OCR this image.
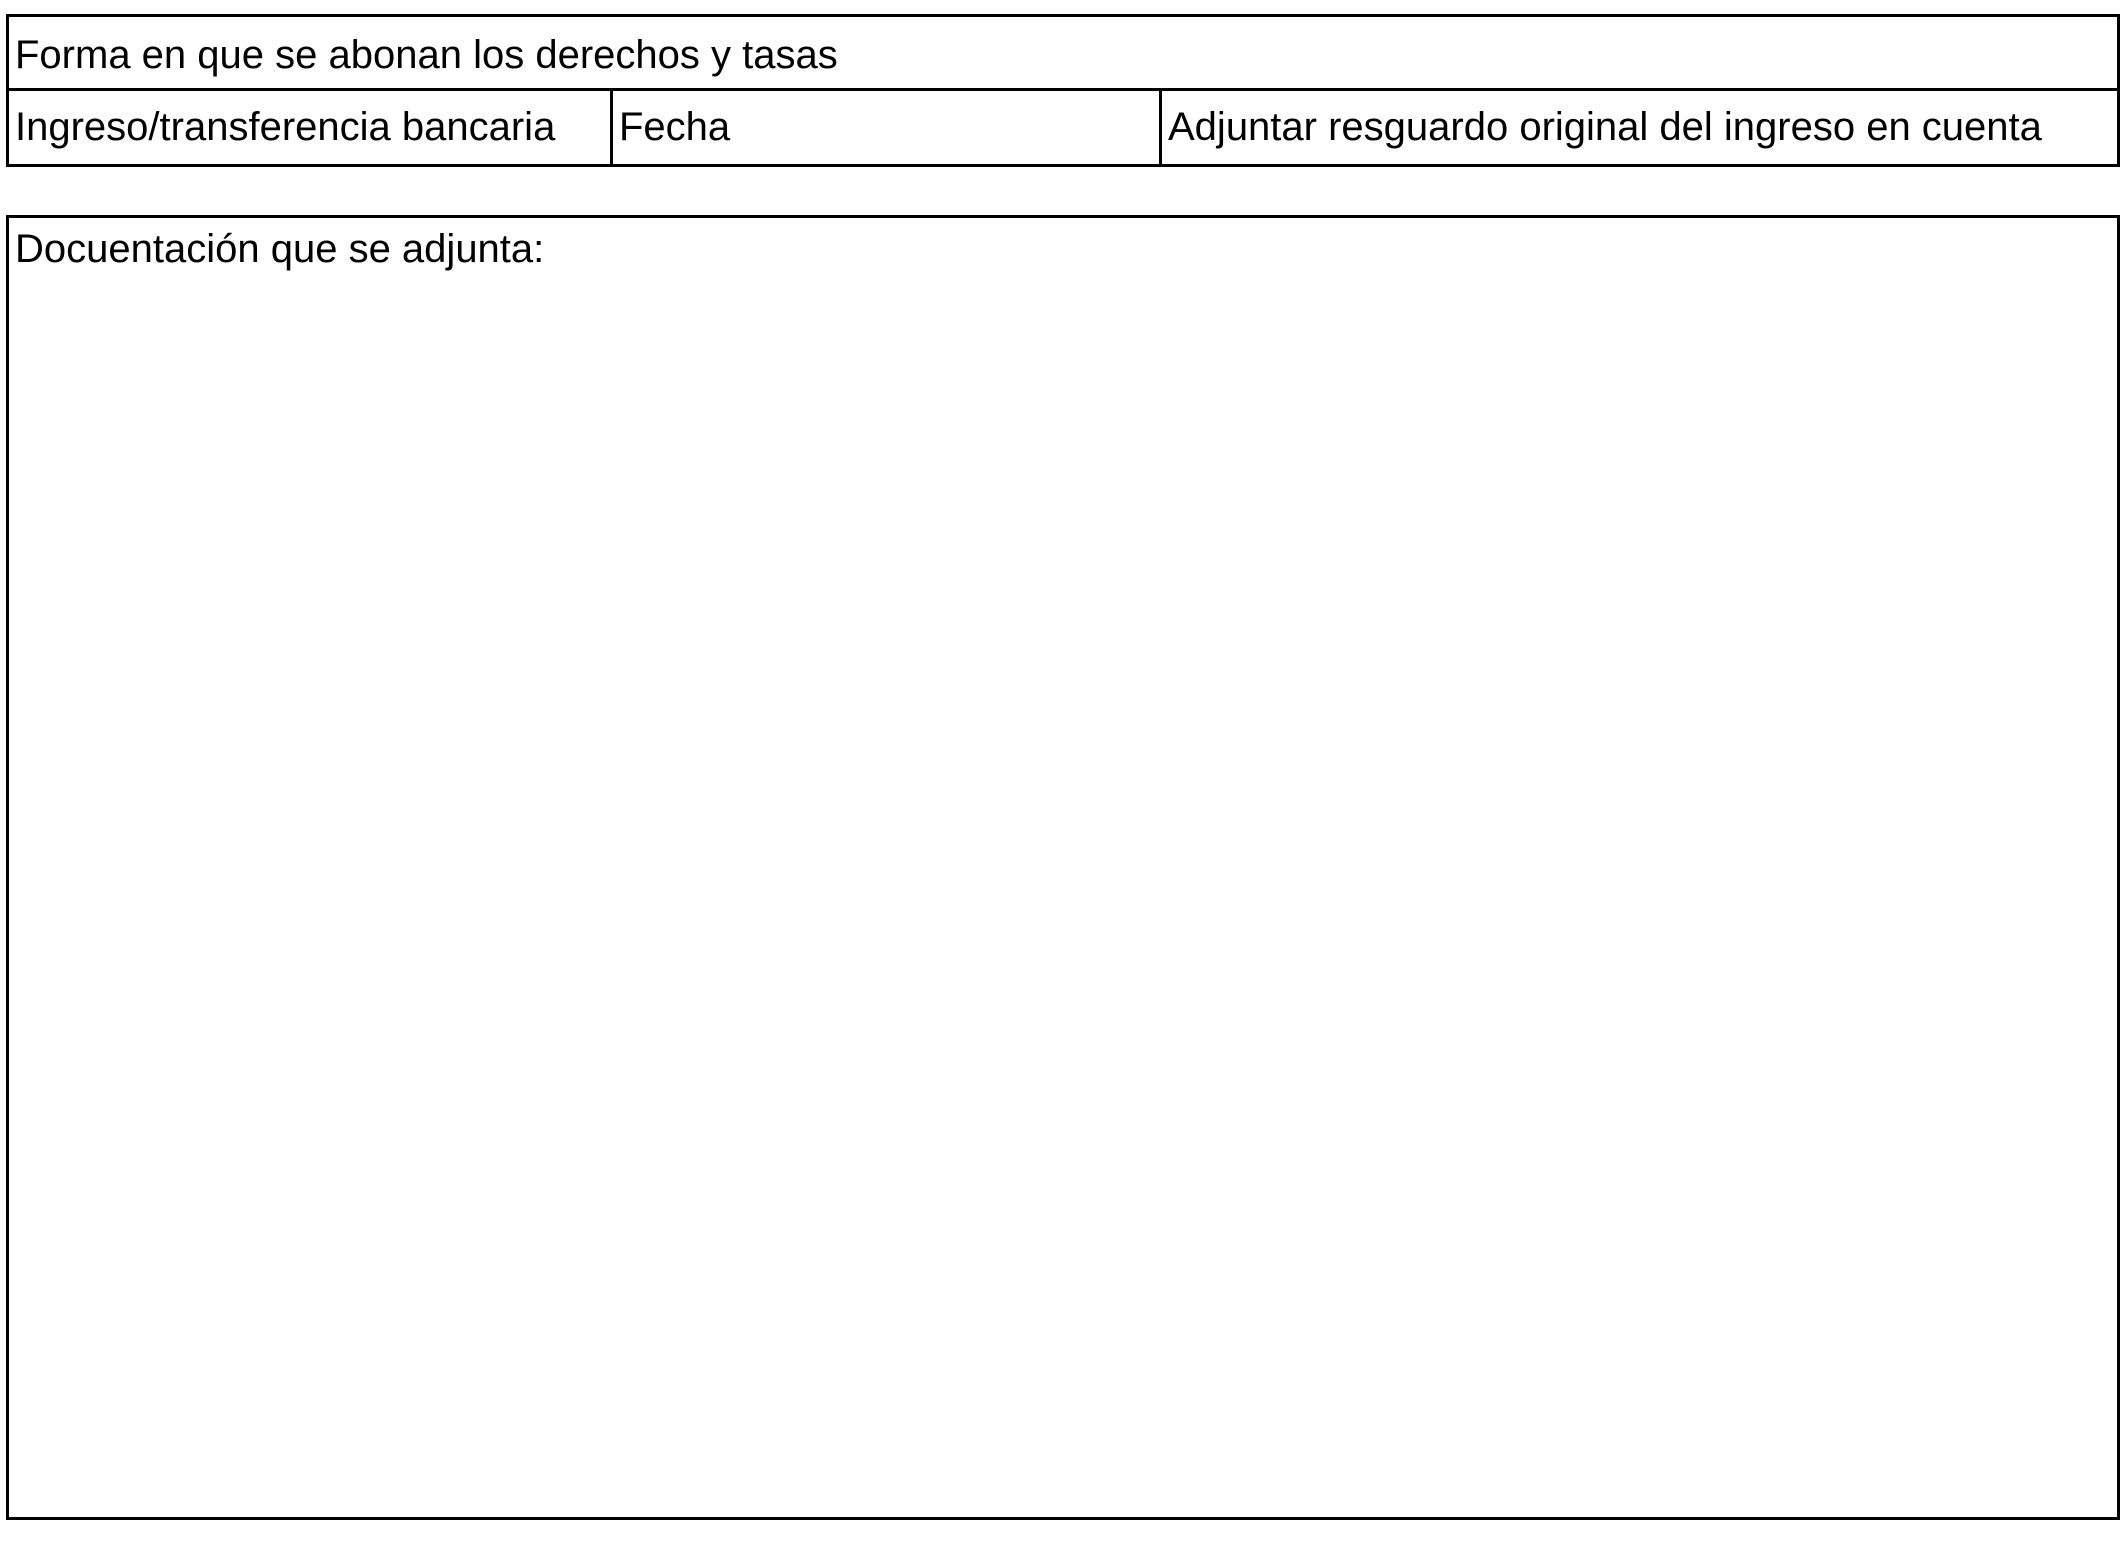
Forma en que se abonan los derechos y tasas
Ingreso/transferencia bancaria Fecha	Adjuntar resguardo original del ingreso en cuenta
Docuentación que se adjunta:
